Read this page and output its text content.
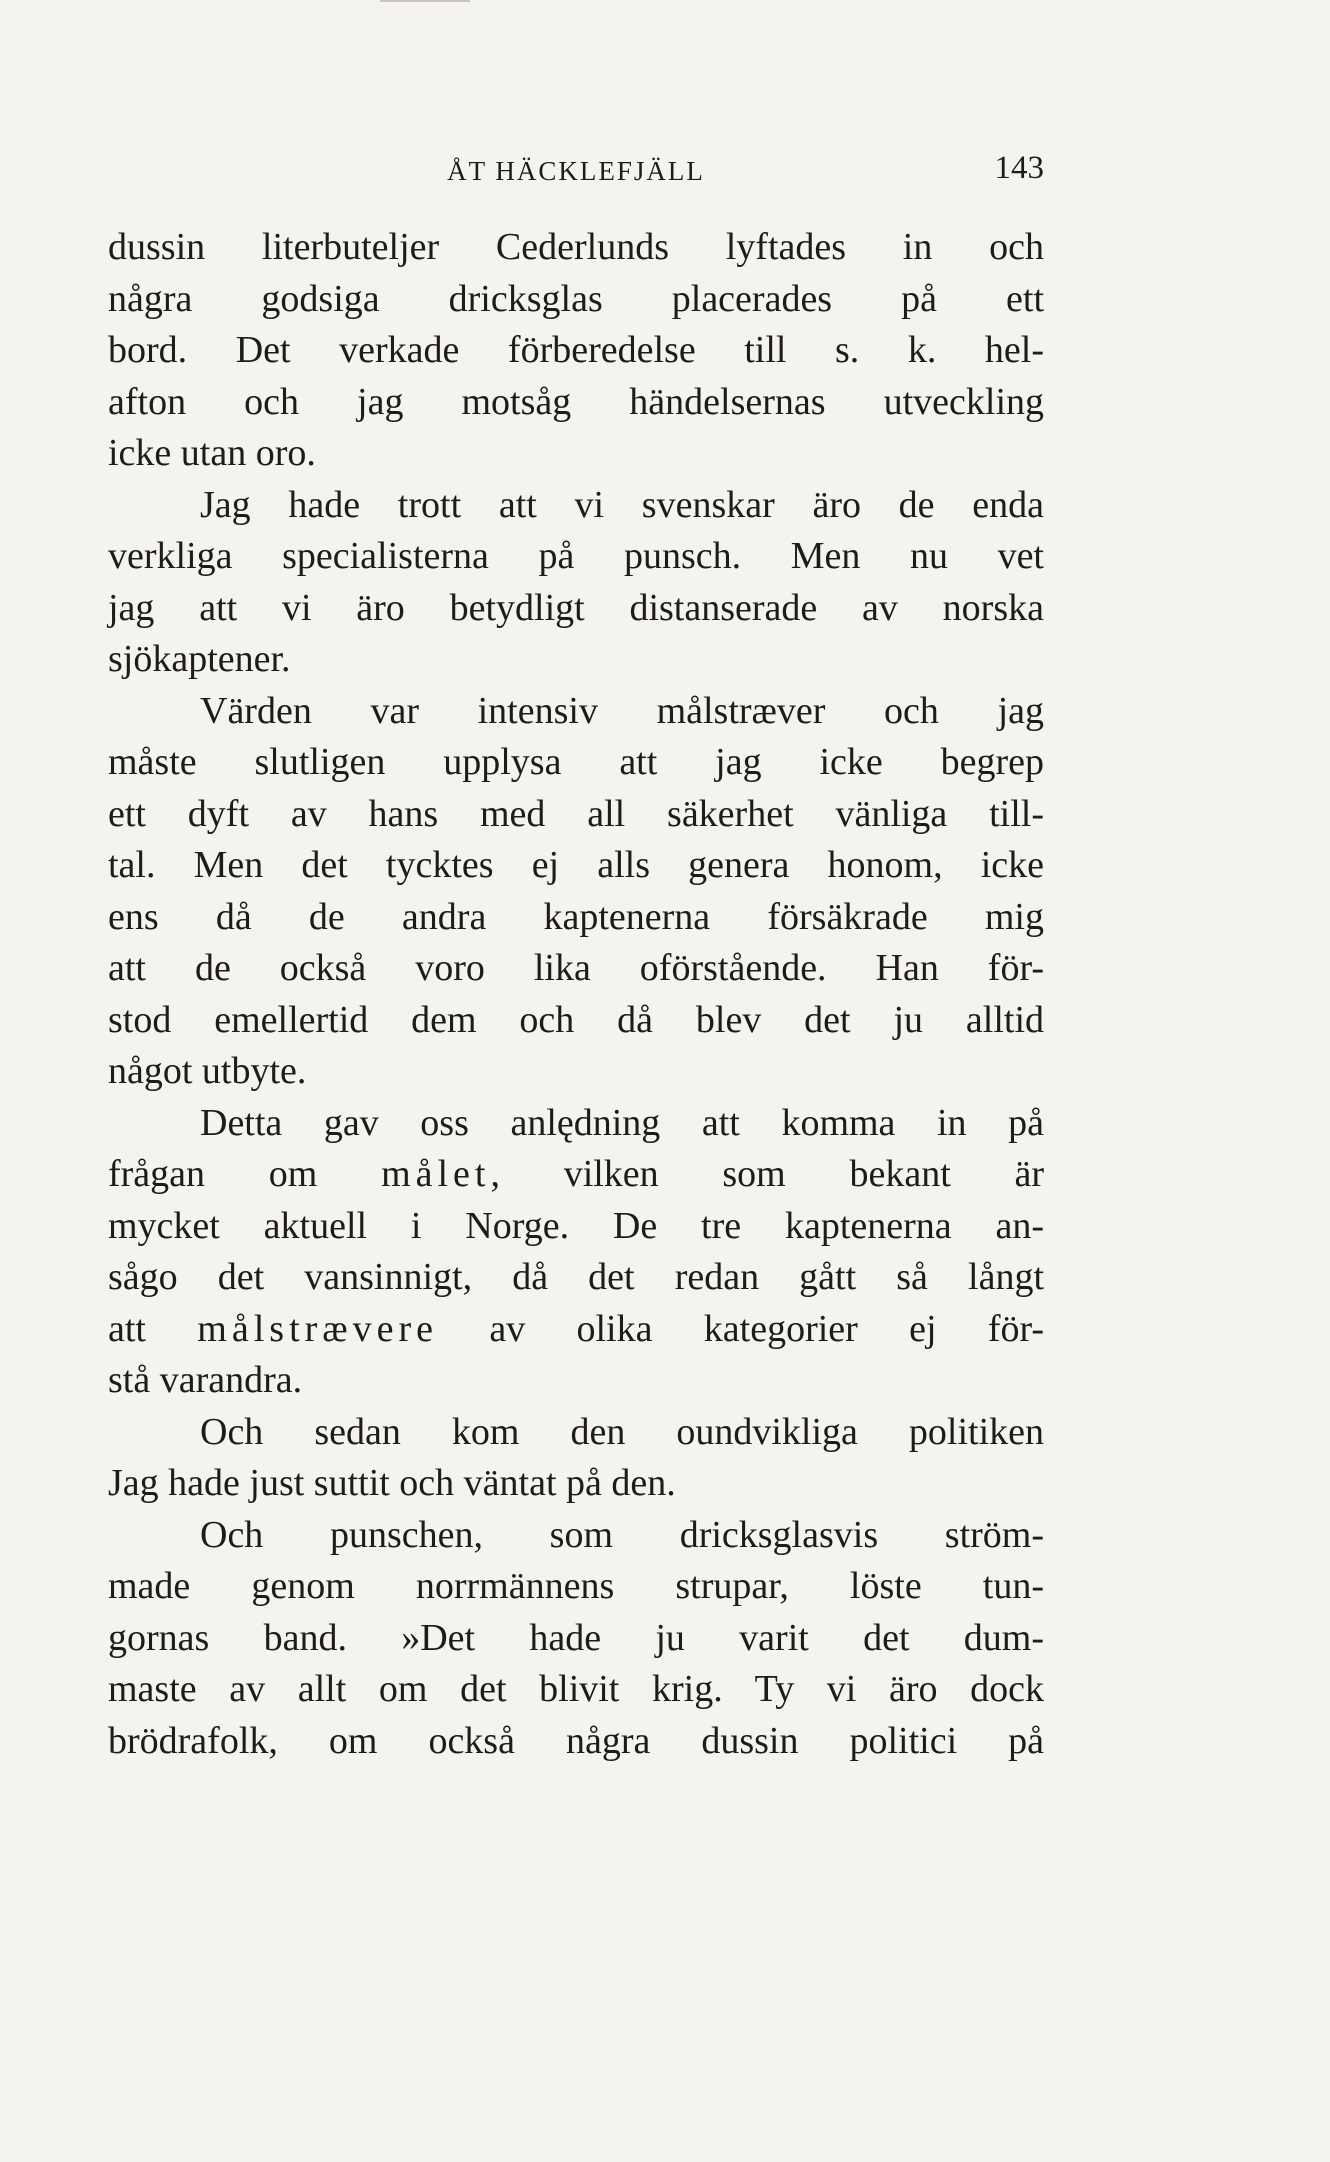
ÅT HÄCKLEFJÄLL	143
dussin literbuteljer Cederlunds lyftades in och
några godsiga dricksglas placerades på ett
bord. Det verkade förberedelse till s. k. hel-
afton och jag motsåg händelsernas utveckling
icke utan oro.
Jag hade trott att vi svenskar äro de enda
verkliga specialisterna på punsch. Men nu vet
jag att vi äro betydligt distanserade av norska
sjökaptener.
Värden var intensiv målstræver och jag
måste slutligen upplysa att jag icke begrep
ett dyft av hans med all säkerhet vänliga till-
tal. Men det tycktes ej alls genera honom, icke
ens då de andra kaptenerna försäkrade mig
att de också voro lika oförstående. Han för-
stod emellertid dem och då blev det ju alltid
något utbyte.
Detta gav oss anlędning att komma in på
frågan om målet, vilken som bekant är
mycket aktuell i Norge. De tre kaptenerna an-
sågo det vansinnigt, då det redan gått så långt
att målstrævere av olika kategorier ej för-
stå varandra.
Och sedan kom den oundvikliga politiken
Jag hade just suttit och väntat på den.
Och punschen, som dricksglasvis ström-
made genom norrmännens strupar, löste tun-
gornas band. »Det hade ju varit det dum-
maste av allt om det blivit krig. Ty vi äro dock
brödrafolk, om också några dussin politici på
